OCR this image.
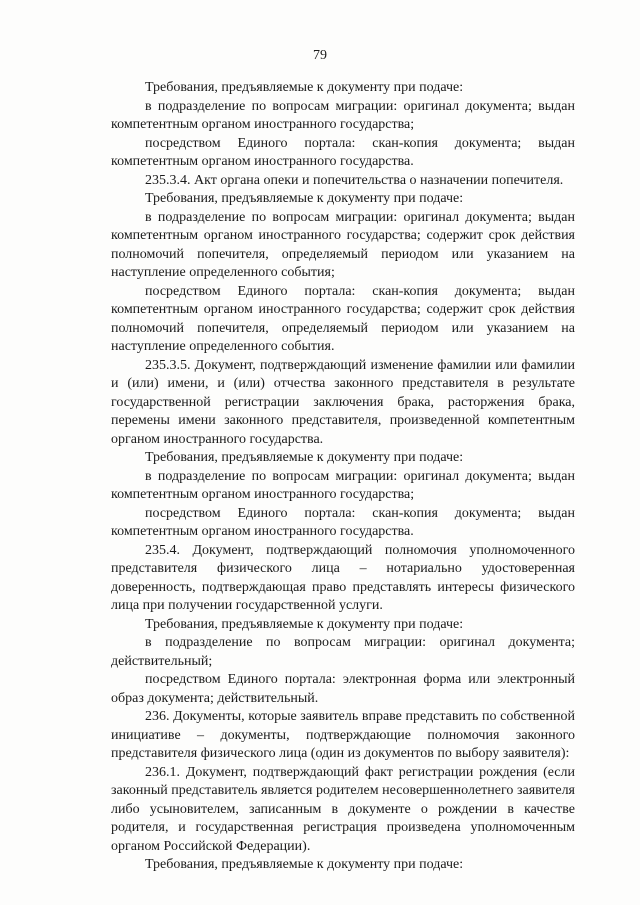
79

Требования, предъявляемые к документу при подаче:

в подразделение по вопросам миграции: оригинал документа; выдан компетентным органом иностранного государства;

посредством Единого портала: скан-копия документа; выдан компетентным органом иностранного государства.

235.3.4. Акт органа опеки и попечительства о назначении попечителя.

Требования, предъявляемые к документу при подаче:

в подразделение по вопросам миграции: оригинал документа; выдан компетентным органом иностранного государства; содержит срок действия полномочий попечителя, определяемый периодом или указанием на наступление определенного события;

посредством Единого портала: скан-копия документа; выдан компетентным органом иностранного государства; содержит срок действия полномочий попечителя, определяемый периодом или указанием на наступление определенного события.

235.3.5. Документ, подтверждающий изменение фамилии или фамилии и (или) имени, и (или) отчества законного представителя в результате государственной регистрации заключения брака, расторжения брака, перемены имени законного представителя, произведенной компетентным органом иностранного государства.

Требования, предъявляемые к документу при подаче:

в подразделение по вопросам миграции: оригинал документа; выдан компетентным органом иностранного государства;

посредством Единого портала: скан-копия документа; выдан компетентным органом иностранного государства.

235.4. Документ, подтверждающий полномочия уполномоченного представителя физического лица – нотариально удостоверенная доверенность, подтверждающая право представлять интересы физического лица при получении государственной услуги.

Требования, предъявляемые к документу при подаче:

в подразделение по вопросам миграции: оригинал документа; действительный;

посредством Единого портала: электронная форма или электронный образ документа; действительный.

236. Документы, которые заявитель вправе представить по собственной инициативе – документы, подтверждающие полномочия законного представителя физического лица (один из документов по выбору заявителя):

236.1. Документ, подтверждающий факт регистрации рождения (если законный представитель является родителем несовершеннолетнего заявителя либо усыновителем, записанным в документе о рождении в качестве родителя, и государственная регистрация произведена уполномоченным органом Российской Федерации).

Требования, предъявляемые к документу при подаче:
